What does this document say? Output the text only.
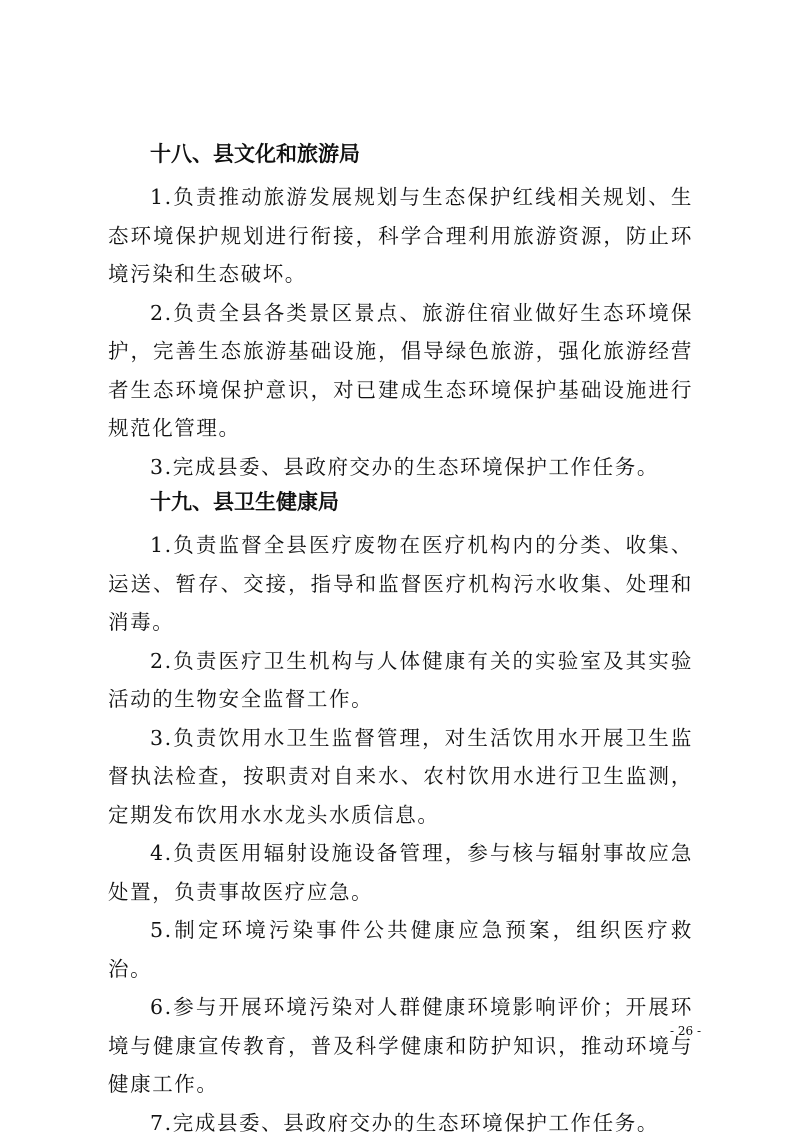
十八、县文化和旅游局

1.负责推动旅游发展规划与生态保护红线相关规划、生态环境保护规划进行衔接，科学合理利用旅游资源，防止环境污染和生态破坏。

2.负责全县各类景区景点、旅游住宿业做好生态环境保护，完善生态旅游基础设施，倡导绿色旅游，强化旅游经营者生态环境保护意识，对已建成生态环境保护基础设施进行规范化管理。

3.完成县委、县政府交办的生态环境保护工作任务。

十九、县卫生健康局

1.负责监督全县医疗废物在医疗机构内的分类、收集、运送、暂存、交接，指导和监督医疗机构污水收集、处理和消毒。

2.负责医疗卫生机构与人体健康有关的实验室及其实验活动的生物安全监督工作。

3.负责饮用水卫生监督管理，对生活饮用水开展卫生监督执法检查，按职责对自来水、农村饮用水进行卫生监测，定期发布饮用水水龙头水质信息。

4.负责医用辐射设施设备管理，参与核与辐射事故应急处置，负责事故医疗应急。

5.制定环境污染事件公共健康应急预案，组织医疗救治。

6.参与开展环境污染对人群健康环境影响评价；开展环境与健康宣传教育，普及科学健康和防护知识，推动环境与健康工作。

7.完成县委、县政府交办的生态环境保护工作任务。

- 26 -
